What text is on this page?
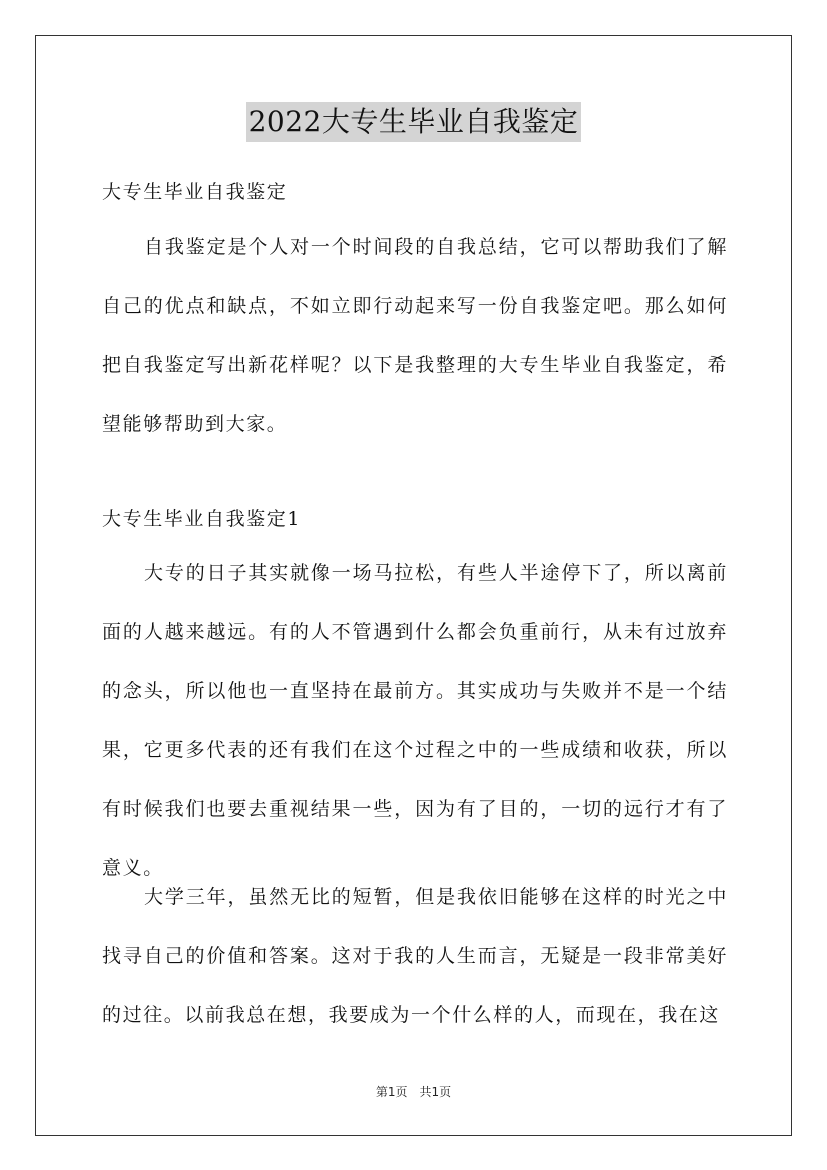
2022大专生毕业自我鉴定

大专生毕业自我鉴定

自我鉴定是个人对一个时间段的自我总结，它可以帮助我们了解自己的优点和缺点，不如立即行动起来写一份自我鉴定吧。那么如何把自我鉴定写出新花样呢？以下是我整理的大专生毕业自我鉴定，希望能够帮助到大家。

大专生毕业自我鉴定1

大专的日子其实就像一场马拉松，有些人半途停下了，所以离前面的人越来越远。有的人不管遇到什么都会负重前行，从未有过放弃的念头，所以他也一直坚持在最前方。其实成功与失败并不是一个结果，它更多代表的还有我们在这个过程之中的一些成绩和收获，所以有时候我们也要去重视结果一些，因为有了目的，一切的远行才有了意义。

大学三年，虽然无比的短暂，但是我依旧能够在这样的时光之中找寻自己的价值和答案。这对于我的人生而言，无疑是一段非常美好的过往。以前我总在想，我要成为一个什么样的人，而现在，我在这

第1页　共1页
